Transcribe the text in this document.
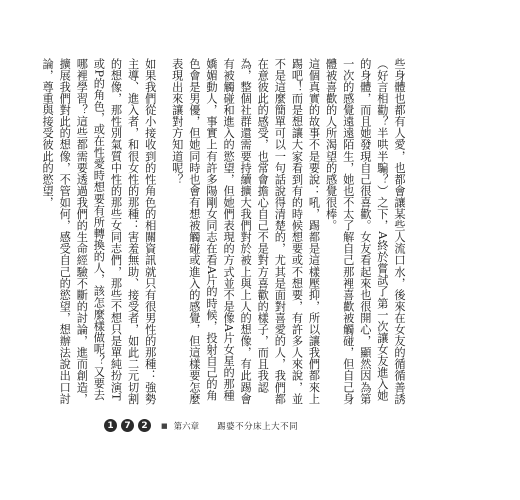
些身體也都有人愛，也都會讓某些人流口水，後來在女友的循循善誘（好言相勸？半哄半騙？）之下，A終於嘗試了第一次讓女友進入她的身體，而且她發現自己很喜歡。女友看起來也很開心，顯然因為第一次的感覺遠遠陌生，她也不太了解自己那裡喜歡被觸碰，但自己身體被喜歡的人所渴望的感覺很棒。

這個真實的故事不是要說：吼，踢都是這樣壓抑，所以讓我們都來上踢吧！而是想讓大家看到有的時候想要或不想要，有許多人來說，並不是這麼簡單可以一句話說得清楚的，尤其是面對喜愛的人，我們都在意彼此的感受，也常會擔心自己不是對方喜歡的樣子，而且我認為，整個社群還需要持續擴大我們對於被上與上人的想像，有此踢會有被觸碰和進入的慾望，但她們表現的方式並不是像A片女星的那種嬌媚動人，事實上有許多陽剛女同志在看A片的時候，投射自己的角色會是男優，但她同時也會有想被觸碰或進入的感覺，但這樣要怎麼表現出來讓對方知道呢？

如果我們從小接收到的性角色的相關資訊就只有很男性的那種：強勢主導、進入者，和很女性的那種：害羞無助、接受者，如此二元切割的想像，那性別氣質中性的那些女同志們，那些不想只是單純扮演T或P的角色，或在性愛時想要有所轉換的人，該怎麼樣做呢？又要去哪裡學習？這些都需要透過我們的生命經驗不斷的討論，進而創造，擴展我們對此的想像，不管如何，感受自己的慾望，想辦法說出口討論，尊重與接受彼此的慾望，

1	7	2	■ 第六章 踢婆不分床上大不同
